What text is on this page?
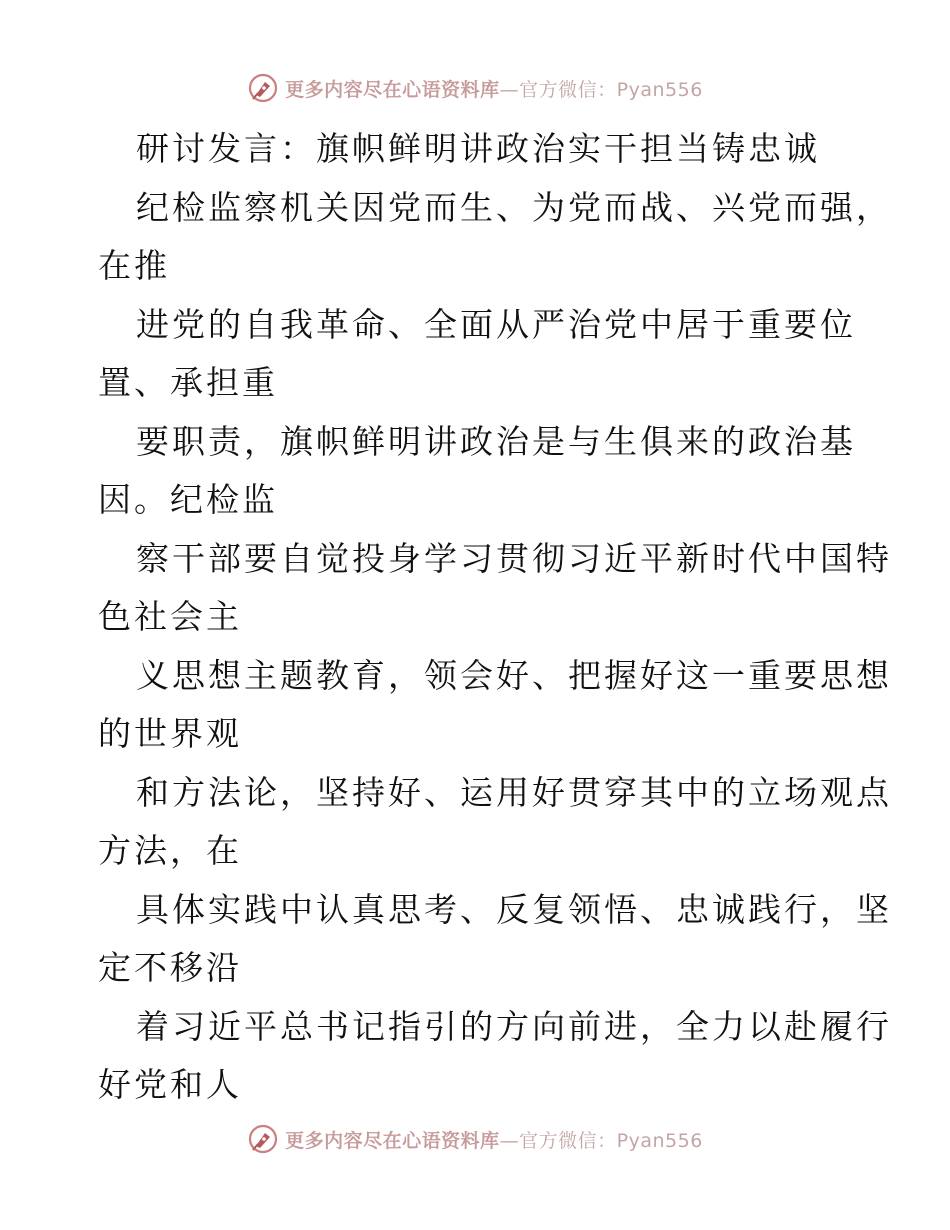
更多内容尽在心语资料库—官方微信：Pyan556
研讨发言：旗帜鲜明讲政治实干担当铸忠诚
纪检监察机关因党而生、为党而战、兴党而强，
在推
进党的自我革命、全面从严治党中居于重要位
置、承担重
要职责，旗帜鲜明讲政治是与生俱来的政治基
因。纪检监
察干部要自觉投身学习贯彻习近平新时代中国特
色社会主
义思想主题教育，领会好、把握好这一重要思想
的世界观
和方法论，坚持好、运用好贯穿其中的立场观点
方法，在
具体实践中认真思考、反复领悟、忠诚践行，坚
定不移沿
着习近平总书记指引的方向前进，全力以赴履行
好党和人
更多内容尽在心语资料库—官方微信：Pyan556
